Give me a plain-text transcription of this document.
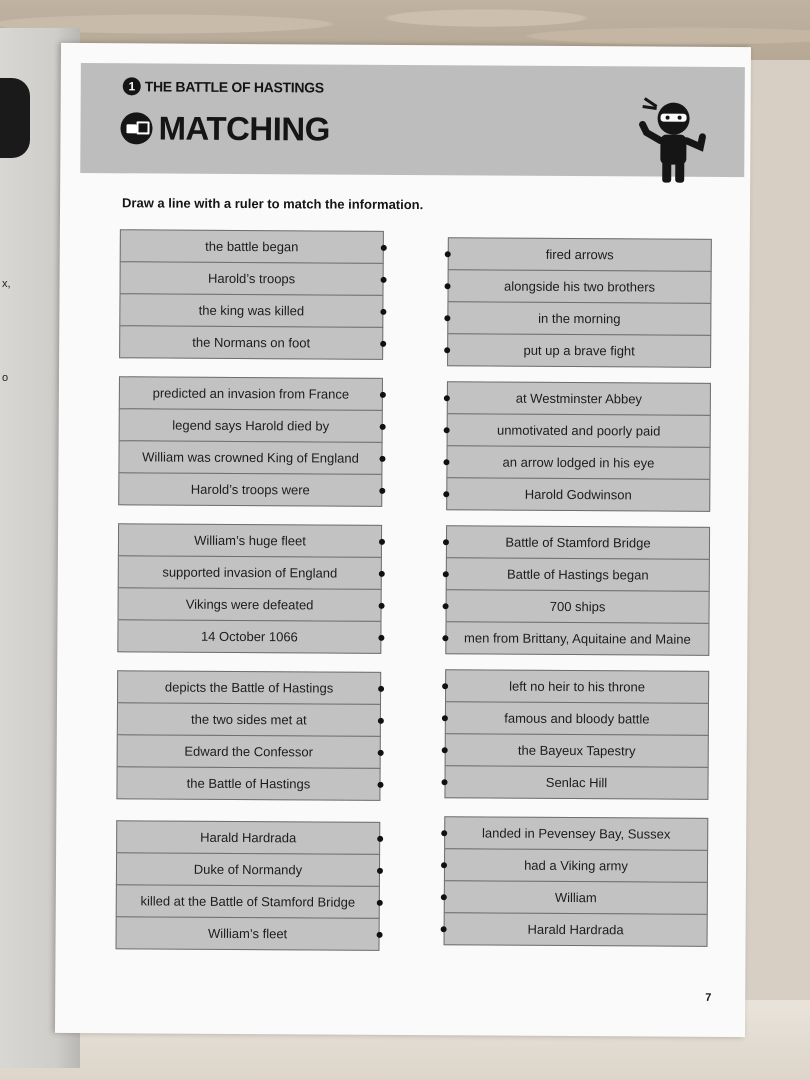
x,
o
1 THE BATTLE OF HASTINGS
MATCHING
Draw a line with a ruler to match the information.
the battle began
Harold’s troops
the king was killed
the Normans on foot
fired arrows
alongside his two brothers
in the morning
put up a brave fight
predicted an invasion from France
legend says Harold died by
William was crowned King of England
Harold’s troops were
at Westminster Abbey
unmotivated and poorly paid
an arrow lodged in his eye
Harold Godwinson
William’s huge fleet
supported invasion of England
Vikings were defeated
14 October 1066
Battle of Stamford Bridge
Battle of Hastings began
700 ships
men from Brittany, Aquitaine and Maine
depicts the Battle of Hastings
the two sides met at
Edward the Confessor
the Battle of Hastings
left no heir to his throne
famous and bloody battle
the Bayeux Tapestry
Senlac Hill
Harald Hardrada
Duke of Normandy
killed at the Battle of Stamford Bridge
William’s fleet
landed in Pevensey Bay, Sussex
had a Viking army
William
Harald Hardrada
7
